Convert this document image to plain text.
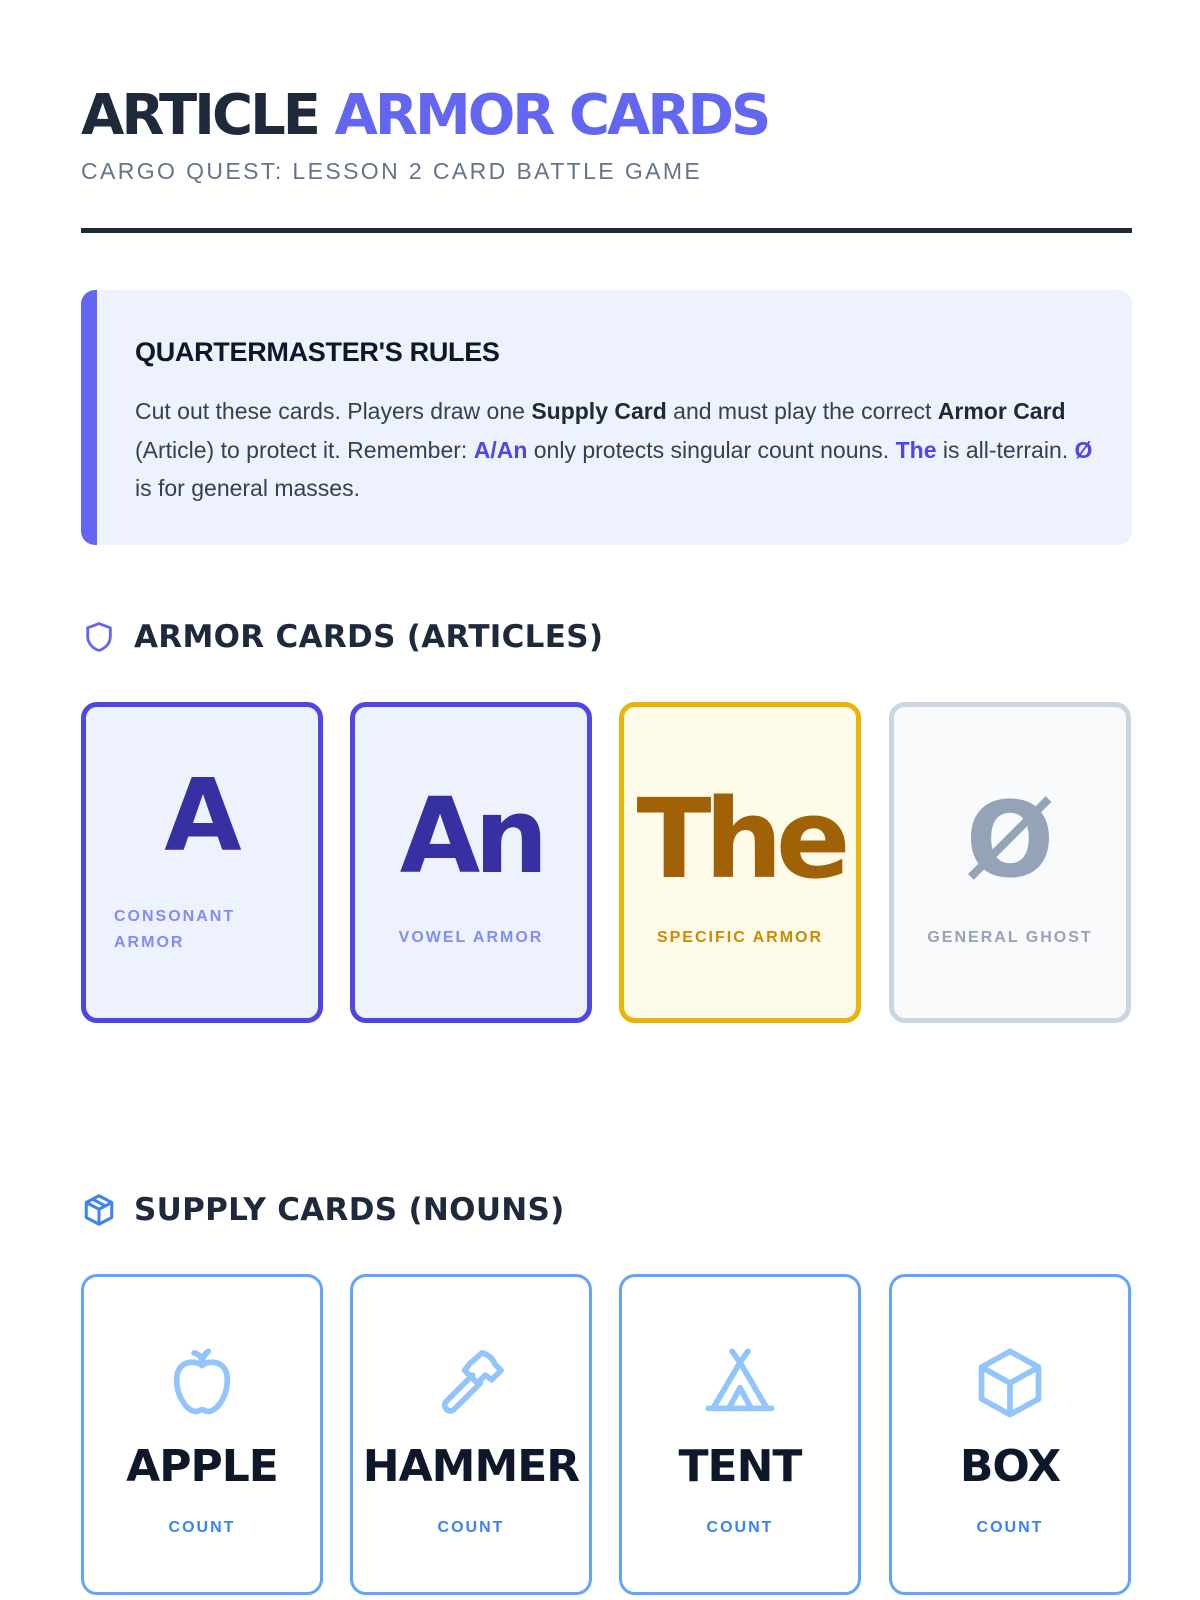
ARTICLE ARMOR CARDS
CARGO QUEST: LESSON 2 CARD BATTLE GAME
QUARTERMASTER'S RULES

Cut out these cards. Players draw one Supply Card and must play the correct Armor Card (Article) to protect it. Remember: A/An only protects singular count nouns. The is all-terrain. Ø is for general masses.

ARMOR CARDS (ARTICLES)
A
CONSONANT ARMOR
An
VOWEL ARMOR
The
SPECIFIC ARMOR
Ø
GENERAL GHOST
SUPPLY CARDS (NOUNS)
APPLE
COUNT
HAMMER
COUNT
TENT
COUNT
BOX
COUNT
